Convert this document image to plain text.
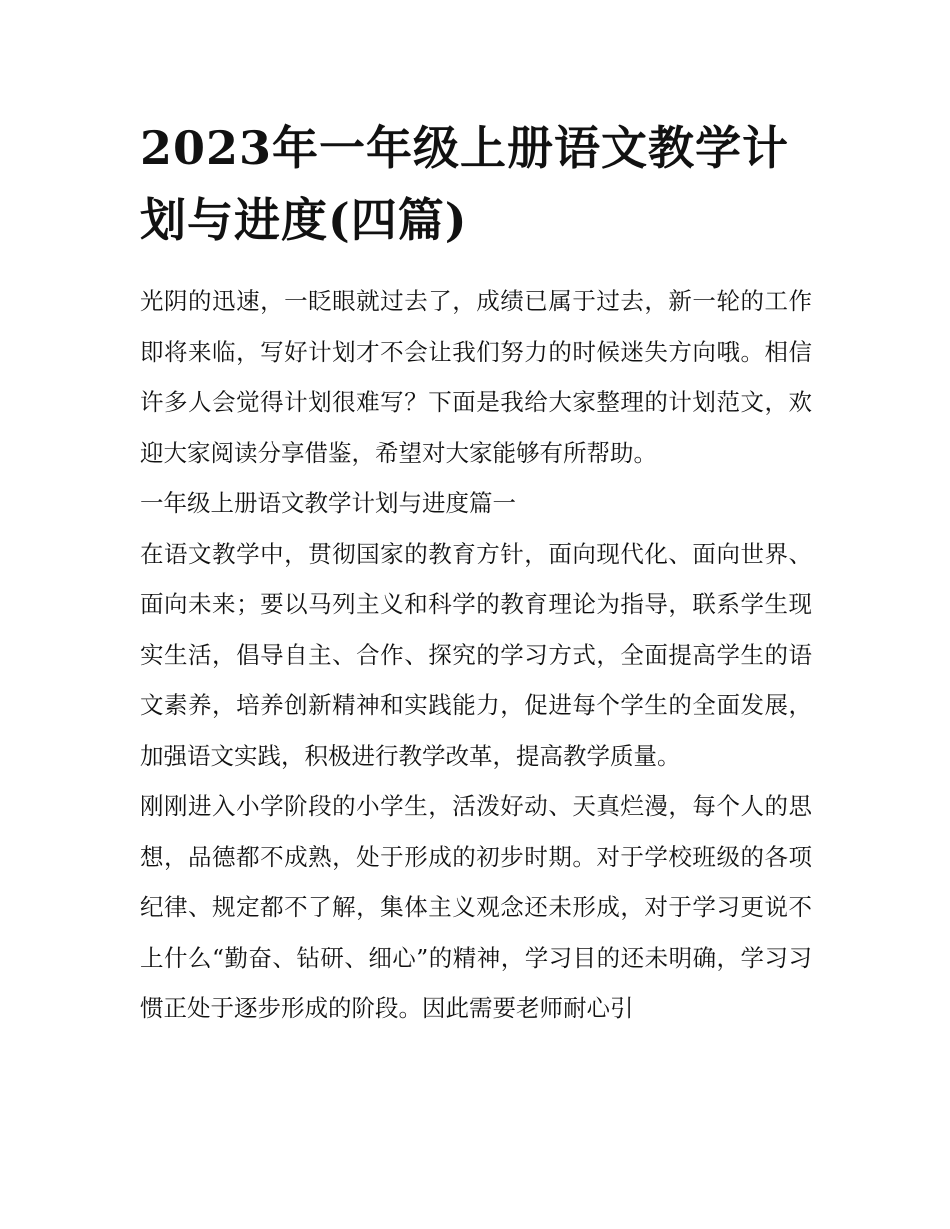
2023年一年级上册语文教学计划与进度(四篇)

光阴的迅速，一眨眼就过去了，成绩已属于过去，新一轮的工作即将来临，写好计划才不会让我们努力的时候迷失方向哦。相信许多人会觉得计划很难写？下面是我给大家整理的计划范文，欢迎大家阅读分享借鉴，希望对大家能够有所帮助。

一年级上册语文教学计划与进度篇一

在语文教学中，贯彻国家的教育方针，面向现代化、面向世界、面向未来；要以马列主义和科学的教育理论为指导，联系学生现实生活，倡导自主、合作、探究的学习方式，全面提高学生的语文素养，培养创新精神和实践能力，促进每个学生的全面发展，加强语文实践，积极进行教学改革，提高教学质量。

刚刚进入小学阶段的小学生，活泼好动、天真烂漫，每个人的思想，品德都不成熟，处于形成的初步时期。对于学校班级的各项纪律、规定都不了解，集体主义观念还未形成，对于学习更说不上什么“勤奋、钻研、细心”的精神，学习目的还未明确，学习习惯正处于逐步形成的阶段。因此需要老师耐心引
